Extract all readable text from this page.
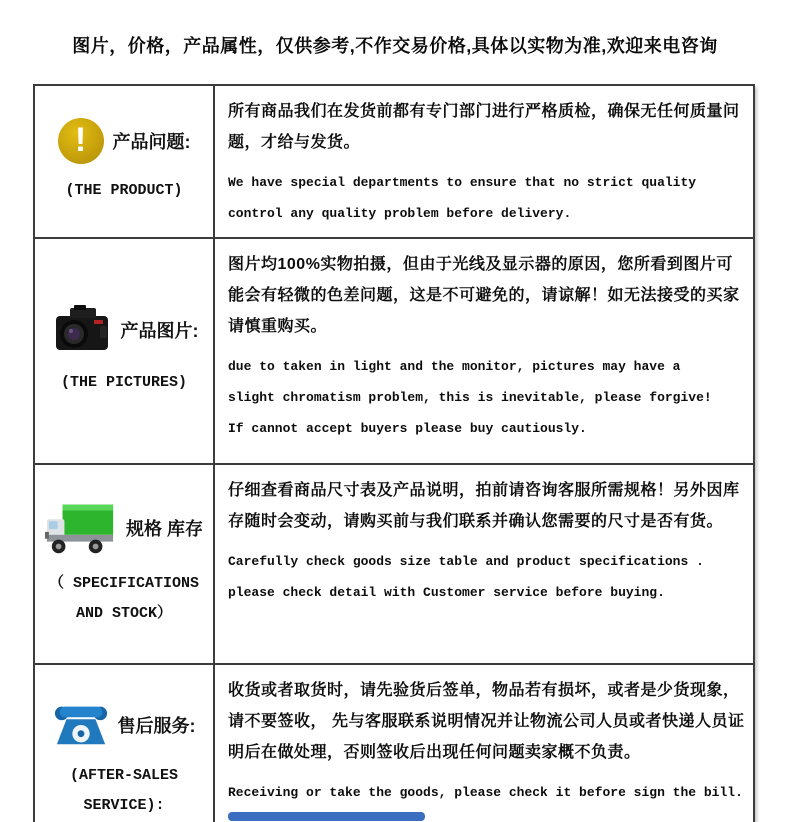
图片，价格，产品属性，仅供参考,不作交易价格,具体以实物为准,欢迎来电咨询
!	产品问题:
(THE PRODUCT)

所有商品我们在发货前都有专门部门进行严格质检，确保无任何质量问题，才给与发货。

We have special departments to ensure that no strict quality
control any quality problem before delivery.

产品图片:
(THE PICTURES)

图片均100%实物拍摄，但由于光线及显示器的原因，您所看到图片可能会有轻微的色差问题，这是不可避免的，请谅解！如无法接受的买家请慎重购买。

due to taken in light and the monitor, pictures may have a
slight chromatism problem, this is inevitable, please forgive!
If cannot accept buyers please buy cautiously.

规格 库存
（ SPECIFICATIONS AND STOCK）

仔细查看商品尺寸表及产品说明，拍前请咨询客服所需规格！另外因库存随时会变动，请购买前与我们联系并确认您需要的尺寸是否有货。

Carefully check goods size table and product specifications .
please check detail with Customer service before buying.

售后服务:
(AFTER-SALES SERVICE):

收货或者取货时，请先验货后签单，物品若有损坏，或者是少货现象，请不要签收， 先与客服联系说明情况并让物流公司人员或者快递人员证明后在做处理，否则签收后出现任何问题卖家概不负责。

Receiving or take the goods, please check it before sign the bill.
